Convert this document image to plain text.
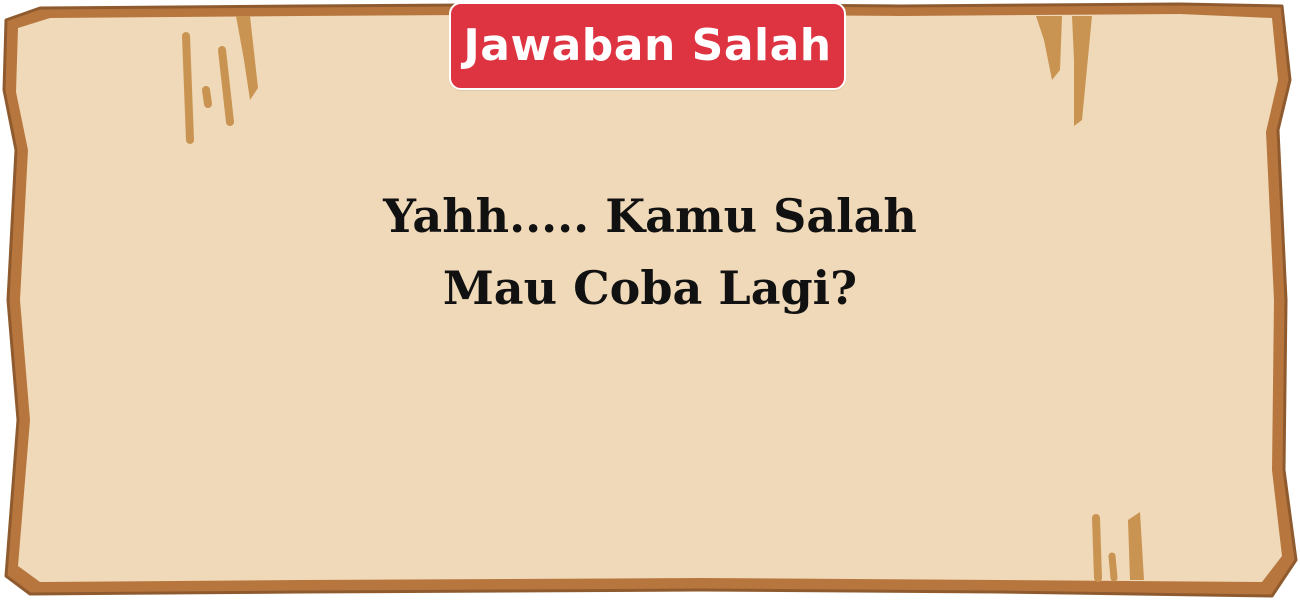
Jawaban Salah
Yahh..... Kamu Salah
Mau Coba Lagi?
